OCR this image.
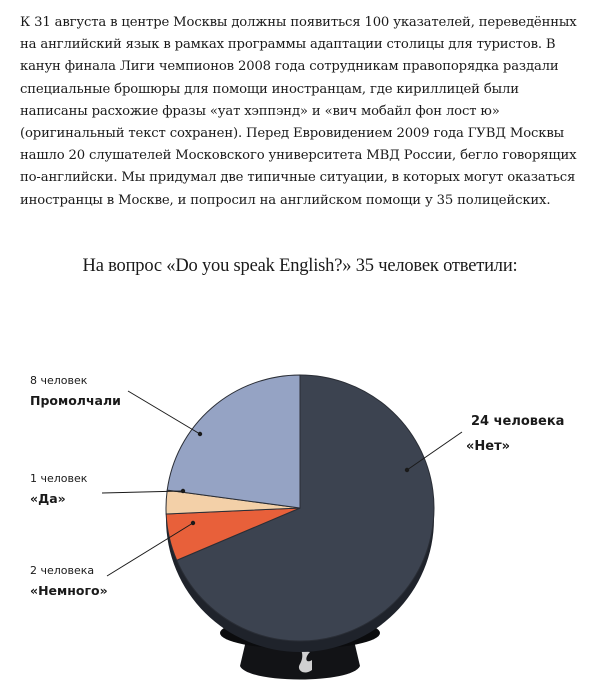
К 31 августа в центре Москвы должны появиться 100 указателей, переведённых на английский язык в рамках программы адаптации столицы для туристов. В канун финала Лиги чемпионов 2008 года сотрудникам правопорядка раздали специальные брошюры для помощи иностранцам, где кириллицей были написаны расхожие фразы «уат хэппэнд» и «вич мобайл фон лост ю» (оригинальный текст сохранен). Перед Евровидением 2009 года ГУВД Москвы нашло 20 слушателей Московского университета МВД России, бегло говорящих по-английски. Мы придумал две типичные ситуации, в которых могут оказаться иностранцы в Москве, и попросил на английском помощи у 35 полицейских.

На вопрос «Do you speak English?» 35 человек ответили:

24 человека
«Нет»
2 человека
«Немного»
1 человек
«Да»
8 человек
Промолчали
